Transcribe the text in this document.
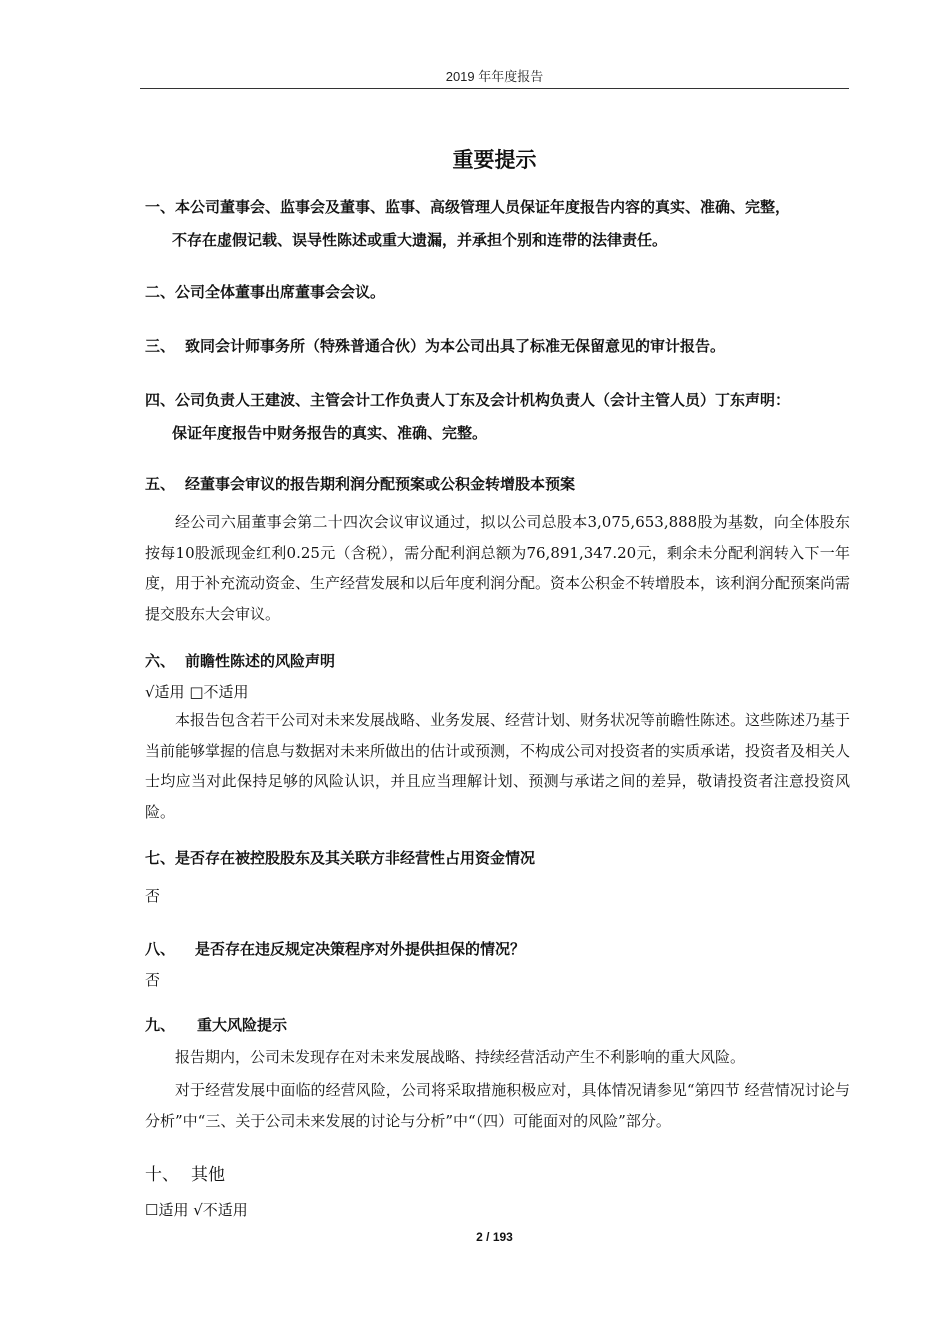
2019 年年度报告
重要提示
一、本公司董事会、监事会及董事、监事、高级管理人员保证年度报告内容的真实、准确、完整，
不存在虚假记载、误导性陈述或重大遗漏，并承担个别和连带的法律责任。
二、公司全体董事出席董事会会议。
三、 致同会计师事务所（特殊普通合伙）为本公司出具了标准无保留意见的审计报告。
四、公司负责人王建波、主管会计工作负责人丁东及会计机构负责人（会计主管人员）丁东声明：
保证年度报告中财务报告的真实、准确、完整。
五、 经董事会审议的报告期利润分配预案或公积金转增股本预案
经公司六届董事会第二十四次会议审议通过，拟以公司总股本3,075,653,888股为基数，向全体股东按每10股派现金红利0.25元（含税），需分配利润总额为76,891,347.20元，剩余未分配利润转入下一年度，用于补充流动资金、生产经营发展和以后年度利润分配。资本公积金不转增股本，该利润分配预案尚需提交股东大会审议。
六、 前瞻性陈述的风险声明
√适用 □不适用
本报告包含若干公司对未来发展战略、业务发展、经营计划、财务状况等前瞻性陈述。这些陈述乃基于当前能够掌握的信息与数据对未来所做出的估计或预测，不构成公司对投资者的实质承诺，投资者及相关人士均应当对此保持足够的风险认识，并且应当理解计划、预测与承诺之间的差异，敬请投资者注意投资风险。
七、是否存在被控股股东及其关联方非经营性占用资金情况
否
八、 是否存在违反规定决策程序对外提供担保的情况？
否
九、 重大风险提示
报告期内，公司未发现存在对未来发展战略、持续经营活动产生不利影响的重大风险。
对于经营发展中面临的经营风险，公司将采取措施积极应对，具体情况请参见“第四节 经营情况讨论与分析”中“三、关于公司未来发展的讨论与分析”中“（四）可能面对的风险”部分。
十、 其他
☐适用 √不适用
2 / 193
